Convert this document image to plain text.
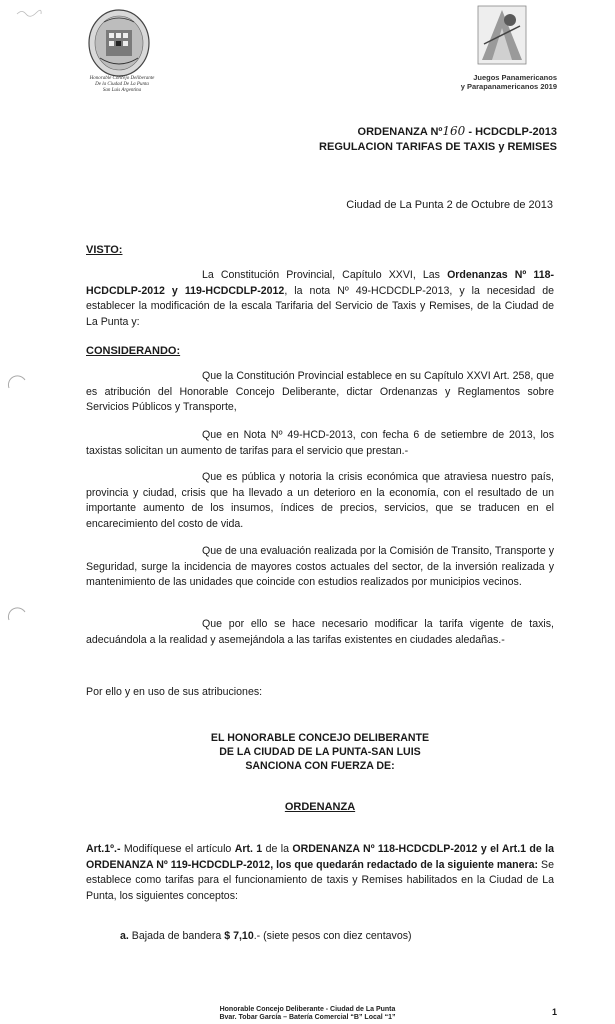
Honorable Concejo Deliberante
De la Ciudad De La Punta
San Luis Argentina
Juegos Panamericanos
y Parapanamericanos 2019
ORDENANZA Nº160 - HCDCDLP-2013
REGULACION TARIFAS DE TAXIS y REMISES
Ciudad de La Punta 2 de Octubre de 2013
VISTO:
La Constitución Provincial, Capítulo XXVI, Las Ordenanzas Nº 118-HCDCDLP-2012 y 119-HCDCDLP-2012, la nota Nº 49-HCDCDLP-2013, y la necesidad de establecer la modificación de la escala Tarifaria del Servicio de Taxis y Remises, de la Ciudad de La Punta y:
CONSIDERANDO:
Que la Constitución Provincial establece en su Capítulo XXVI Art. 258, que es atribución del Honorable Concejo Deliberante, dictar Ordenanzas y Reglamentos sobre Servicios Públicos y Transporte,
Que en Nota Nº 49-HCD-2013, con fecha 6 de setiembre de 2013, los taxistas solicitan un aumento de tarifas para el servicio que prestan.-
Que es pública y notoria la crisis económica que atraviesa nuestro país, provincia y ciudad, crisis que ha llevado a un deterioro en la economía, con el resultado de un importante aumento de los insumos, índices de precios, servicios, que se traducen en el encarecimiento del costo de vida.
Que de una evaluación realizada por la Comisión de Transito, Transporte y Seguridad, surge la incidencia de mayores costos actuales del sector, de la inversión realizada y mantenimiento de las unidades que coincide con estudios realizados por municipios vecinos.
Que por ello se hace necesario modificar la tarifa vigente de taxis, adecuándola a la realidad y asemejándola a las tarifas existentes en ciudades aledañas.-
Por ello y en uso de sus atribuciones:
EL HONORABLE CONCEJO DELIBERANTE
DE LA CIUDAD DE LA PUNTA-SAN LUIS
SANCIONA CON FUERZA DE:
ORDENANZA
Art.1º.- Modifíquese el artículo Art. 1 de la ORDENANZA Nº 118-HCDCDLP-2012 y el Art.1 de la ORDENANZA Nº 119-HCDCDLP-2012, los que quedarán redactado de la siguiente manera: Se establece como tarifas para el funcionamiento de taxis y Remises habilitados en la Ciudad de La Punta, los siguientes conceptos:
a. Bajada de bandera $ 7,10.- (siete pesos con diez centavos)
Honorable Concejo Deliberante - Ciudad de La Punta
Bvar. Tobar García – Batería Comercial “B” Local “1”
1
